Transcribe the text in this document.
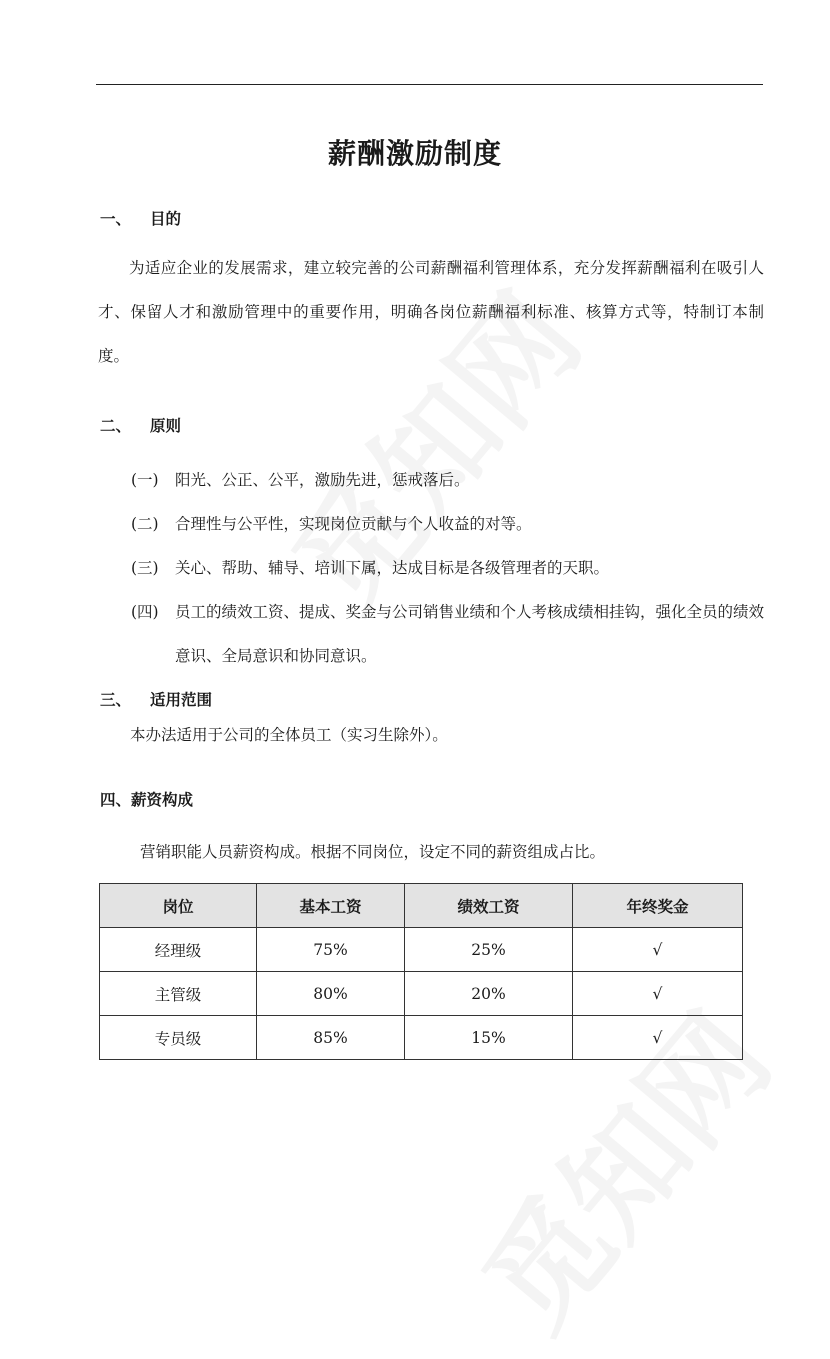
薪酬激励制度
一、 目的
为适应企业的发展需求，建立较完善的公司薪酬福利管理体系，充分发挥薪酬福利在吸引人才、保留人才和激励管理中的重要作用，明确各岗位薪酬福利标准、核算方式等，特制订本制度。
二、 原则
(一) 阳光、公正、公平，激励先进，惩戒落后。
(二) 合理性与公平性，实现岗位贡献与个人收益的对等。
(三) 关心、帮助、辅导、培训下属，达成目标是各级管理者的天职。
(四) 员工的绩效工资、提成、奖金与公司销售业绩和个人考核成绩相挂钩，强化全员的绩效意识、全局意识和协同意识。
三、 适用范围
本办法适用于公司的全体员工（实习生除外）。
四、薪资构成
营销职能人员薪资构成。根据不同岗位，设定不同的薪资组成占比。
岗位	基本工资	绩效工资	年终奖金
经理级	75%	25%	√
主管级	80%	20%	√
专员级	85%	15%	√
